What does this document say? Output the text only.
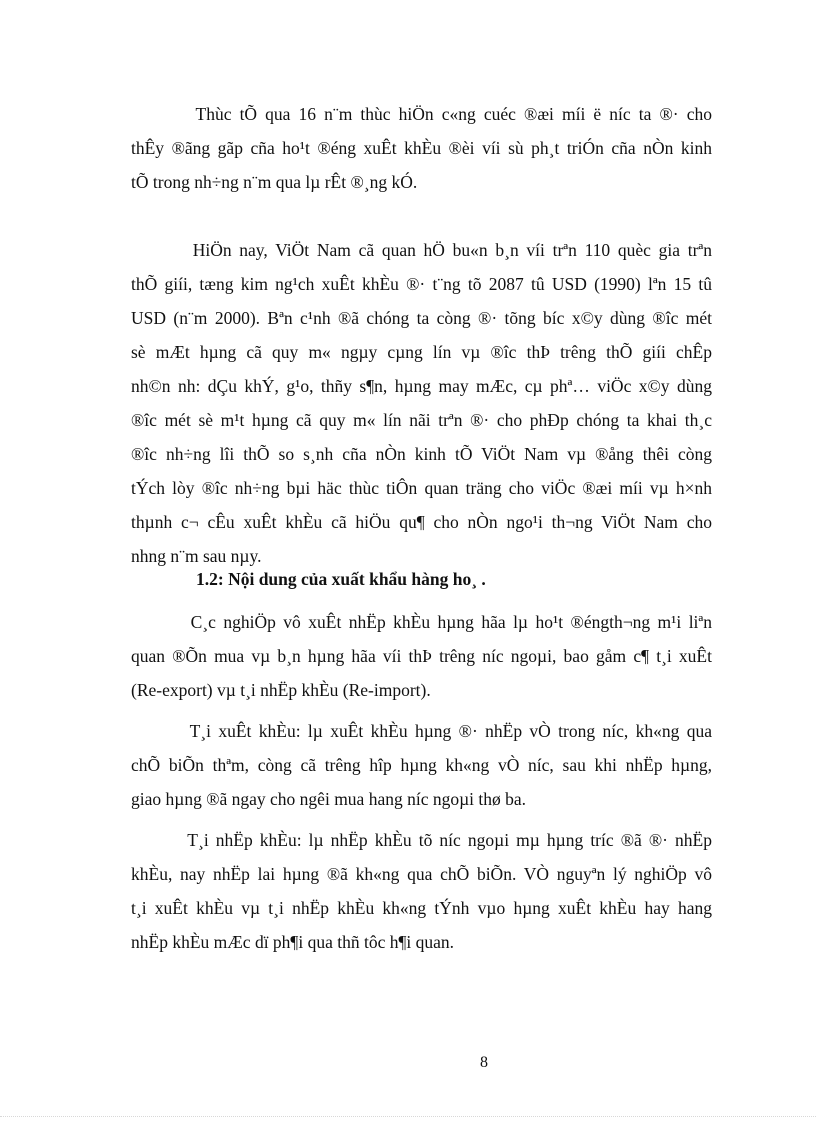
Thùc tÕ qua 16 n¨m thùc hiÖn c«ng cuéc ®æi míi ë níc ta ®· cho
thÊy ®ãng gãp cña ho¹t ®éng xuÊt khÈu ®èi víi sù ph¸t triÓn cña nÒn kinh
tÕ trong nh÷ng n¨m qua lµ rÊt ®¸ng kÓ.
HiÖn nay, ViÖt Nam cã quan hÖ bu«n b¸n víi trªn 110 quèc gia trªn
thÕ giíi, tæng kim ng¹ch xuÊt khÈu ®· t¨ng tõ 2087 tû USD (1990) lªn 15 tû
USD (n¨m 2000). Bªn c¹nh ®ã chóng ta còng ®· tõng bíc x©y dùng ®îc mét
sè mÆt hµng cã quy m« ngµy cµng lín vµ ®îc thÞ trêng thÕ giíi chÊp
nh©n nh: dÇu khÝ, g¹o, thñy s¶n, hµng may mÆc, cµ phª… viÖc x©y dùng
®îc mét sè m¹t hµng cã quy m« lín nãi trªn ®· cho phÐp chóng ta khai th¸c
®îc nh÷ng lîi thÕ so s¸nh cña nÒn kinh tÕ ViÖt Nam vµ ®ång thêi còng
tÝch lòy ®îc nh÷ng bµi häc thùc tiÔn quan träng cho viÖc ®æi míi vµ h×nh
thµnh c¬ cÊu xuÊt khÈu cã hiÖu qu¶ cho nÒn ngo¹i th¬ng ViÖt Nam cho
nhng n¨m sau nµy.
1.2: Nội dung của xuất khẩu hàng ho¸ .
C¸c nghiÖp vô xuÊt nhËp khÈu hµng hãa lµ ho¹t ®éngth¬ng m¹i liªn
quan ®Õn mua vµ b¸n hµng hãa víi thÞ trêng níc ngoµi, bao gåm c¶ t¸i xuÊt
(Re-export) vµ t¸i nhËp khÈu (Re-import).
T¸i xuÊt khÈu: lµ xuÊt khÈu hµng ®· nhËp vÒ trong níc, kh«ng qua
chÕ biÕn thªm, còng cã trêng hîp hµng kh«ng vÒ níc, sau khi nhËp hµng,
giao hµng ®ã ngay cho ngêi mua hang níc ngoµi thø ba.
T¸i nhËp khÈu: lµ nhËp khÈu tõ níc ngoµi mµ hµng tríc ®ã ®· nhËp
khÈu, nay nhËp lai hµng ®ã kh«ng qua chÕ biÕn. VÒ nguyªn lý nghiÖp vô
t¸i xuÊt khÈu vµ t¸i nhËp khÈu kh«ng tÝnh vµo hµng xuÊt khÈu hay hang
nhËp khÈu mÆc dï ph¶i qua thñ tôc h¶i quan.
8
